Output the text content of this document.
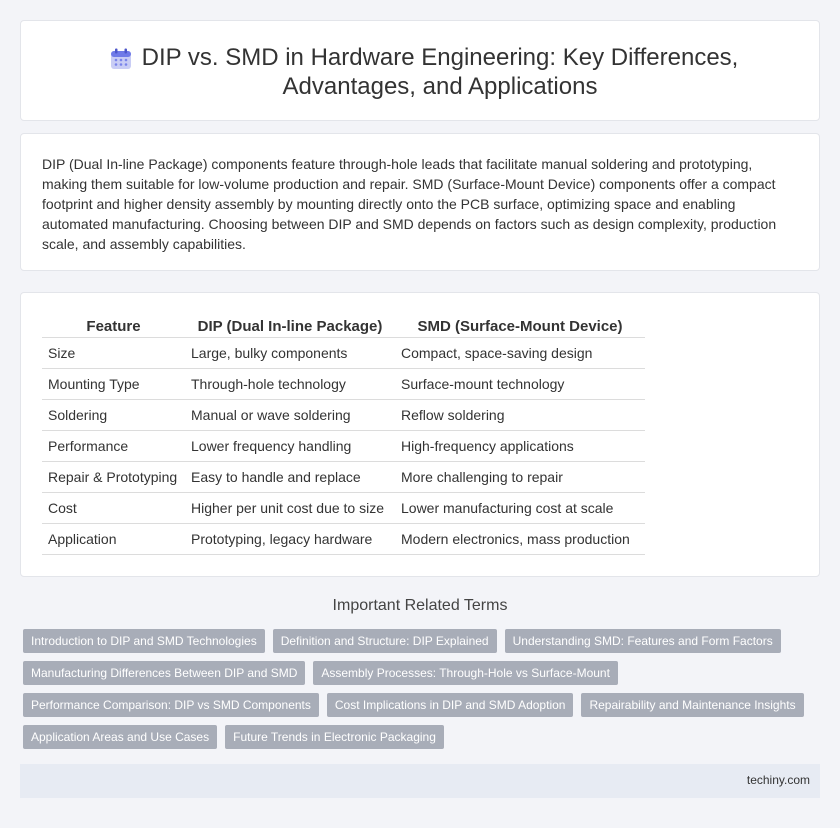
DIP vs. SMD in Hardware Engineering: Key Differences, Advantages, and Applications

DIP (Dual In-line Package) components feature through-hole leads that facilitate manual soldering and prototyping, making them suitable for low-volume production and repair. SMD (Surface-Mount Device) components offer a compact footprint and higher density assembly by mounting directly onto the PCB surface, optimizing space and enabling automated manufacturing. Choosing between DIP and SMD depends on factors such as design complexity, production scale, and assembly capabilities.

Feature	DIP (Dual In-line Package)	SMD (Surface-Mount Device)
Size	Large, bulky components	Compact, space-saving design
Mounting Type	Through-hole technology	Surface-mount technology
Soldering	Manual or wave soldering	Reflow soldering
Performance	Lower frequency handling	High-frequency applications
Repair & Prototyping	Easy to handle and replace	More challenging to repair
Cost	Higher per unit cost due to size	Lower manufacturing cost at scale
Application	Prototyping, legacy hardware	Modern electronics, mass production
Important Related Terms
Introduction to DIP and SMD Technologies	Definition and Structure: DIP Explained	Understanding SMD: Features and Form Factors
Manufacturing Differences Between DIP and SMD	Assembly Processes: Through-Hole vs Surface-Mount
Performance Comparison: DIP vs SMD Components	Cost Implications in DIP and SMD Adoption	Repairability and Maintenance Insights
Application Areas and Use Cases	Future Trends in Electronic Packaging
techiny.com
